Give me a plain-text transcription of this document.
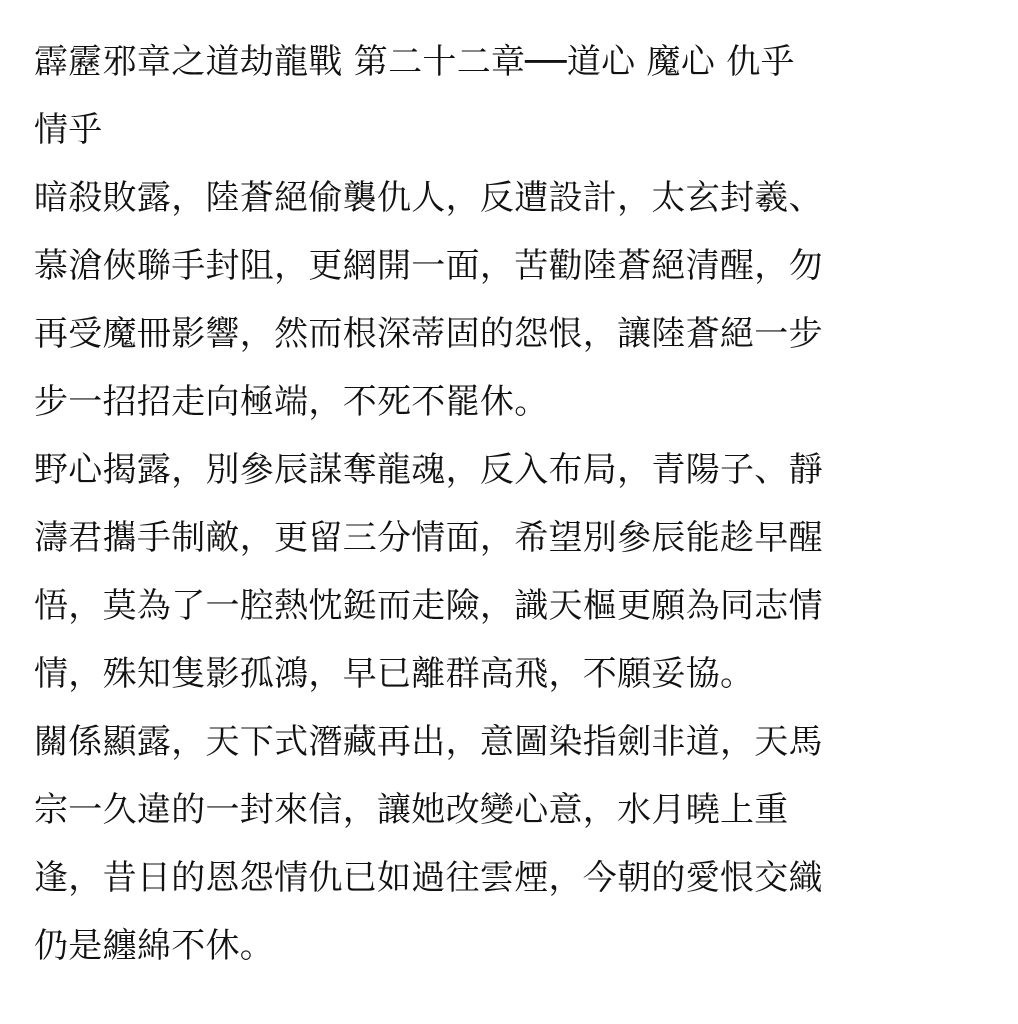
霹靂邪章之道劫龍戰 第二十二章──道心 魔心 仇乎
情乎

暗殺敗露，陸蒼絕偷襲仇人，反遭設計，太玄封羲、
慕滄俠聯手封阻，更網開一面，苦勸陸蒼絕清醒，勿
再受魔冊影響，然而根深蒂固的怨恨，讓陸蒼絕一步
步一招招走向極端，不死不罷休。

野心揭露，別參辰謀奪龍魂，反入布局，青陽子、靜
濤君攜手制敵，更留三分情面，希望別參辰能趁早醒
悟，莫為了一腔熱忱鋌而走險，識天樞更願為同志情
情，殊知隻影孤鴻，早已離群高飛，不願妥協。

關係顯露，天下式潛藏再出，意圖染指劍非道，天馬
宗一久違的一封來信，讓她改變心意，水月曉上重
逢，昔日的恩怨情仇已如過往雲煙，今朝的愛恨交織
仍是纏綿不休。
